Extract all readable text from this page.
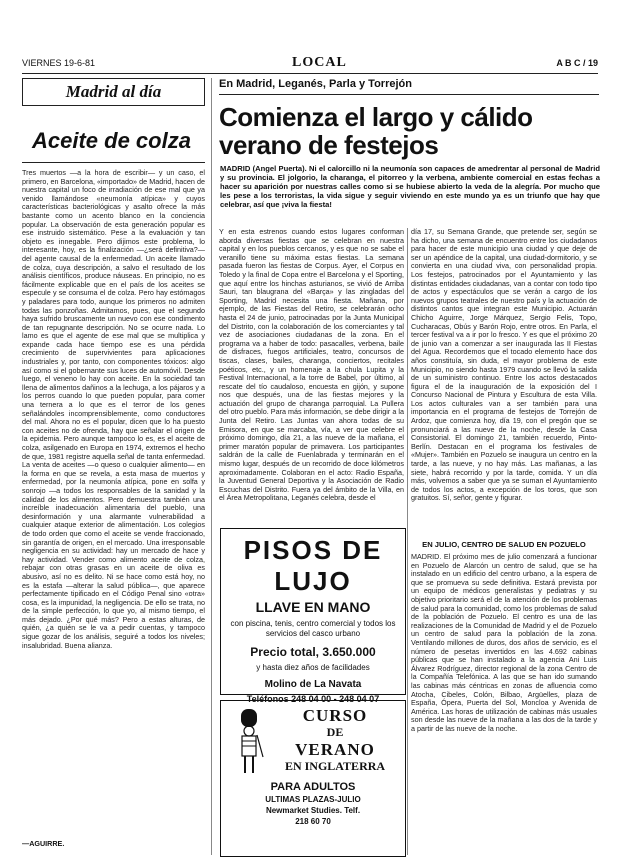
VIERNES 19-6-81	LOCAL	A B C / 19
Madrid al día
Aceite de colza
Tres muertos —a la hora de escribir— y un caso, el primero, en Barcelona, «importado» de Madrid, hacen de nuestra capital un foco de irradiación de ese mal que ya venido llamándose «neumonía atípica» y cuyos características bacteriológicas y asalto ofrece la más bastante como un acento blanco en la conciencia popular. La observación de esta generación popular es ese instruido sistemático. Pese a la evaluación y tan objeto es innegable. Pero dijimos este problema, lo interesante, hoy, es la finalización —¿será definitiva?— del agente causal de la enfermedad. Un aceite llamado de colza, cuya descripción, a salvo el resultado de los análisis científicos, produce náuseas. En principio, no es fácilmente explicable que en el país de los aceites se especule y se consuma el de colza. Pero hay estómagos y paladares para todo, aunque los primeros no admiten todas las ponzoñas. Admitamos, pues, que el segundo haya sufrido bruscamente un nuevo con ese condimento de tan repugnante descripción. No se ocurre nada. Lo lamo es que el agente de ese mal que se multiplica y expande cada hace tiempo ese es una pérdida crecimiento de supervivientes para aplicaciones industriales y, por tanto, con componentes tóxicos: algo así como si el gobernante sus luces de automóvil. Desde luego, el veneno lo hay con aceite. En la sociedad tan llena de alimentos dañinos a la lechuga, a los pájaros y a los perros cuando lo que pueden popular, para comer una ternera a lo que es el terror de los genes señalándoles incomprensiblemente, como conductores del mal. Ahora no es el popular, dicen que lo ha puesto con aceites no de ofrenda, hay que señalar el origen de la epidemia. Pero aunque tampoco lo es, es el aceite de colza, asilgenado en Europa en 1974, extremos el hecho de que, 1981 registre aquella señal de tanta enfermedad. La venta de aceites —o queso o cualquier alimento— en la forma en que se revela, a esta masa de muertos y enfermedad, por la neumonía atípica, pone en solfa y sonrojo —a todos los responsables de la sanidad y la calidad de los alimentos. Pero demuestra también una increíble inadecuación alimentaria del pueblo, una desinformación y una alarmante vulnerabilidad a cualquier ataque exterior de alimentación. Los colegios de todo orden que como el aceite se vende fraccionado, sin garantía de origen, en el mercado. Una irresponsable negligencia en su actividad: hay un mercado de hace y hay actividad. Vender como alimento aceite de colza, rebajar con otras grasas en un aceite de oliva es abusivo, así no es delito. Ni se hace como está hoy, no es la estafa —alterar la salud pública—, que aparece perfectamente tipificado en el Código Penal sino «otra» cosa, es la impunidad, la negligencia. De ello se trata, no de la simple perfección, lo que yo, al mismo tiempo, el más dejado. ¿Por qué más? Pero a estas alturas, de quién, ¿a quién se le va a pedir cuentas, y tampoco sigue gozar de los análisis, seguiré a todos los niveles; insalubridad. Buena alianza.
—AGUIRRE.
En Madrid, Leganés, Parla y Torrejón
Comienza el largo y cálido verano de festejos
MADRID (Angel Puerta). Ni el calorcillo ni la neumonía son capaces de amedrentar al personal de Madrid y su provincia. El jolgorio, la charanga, el pitorreo y la verbena, ambiente comercial en estas fechas a hacer su aparición por nuestras calles como si se hubiese abierto la veda de la alegría. Por mucho que les pese a los terroristas, la vida sigue y seguir viviendo en este mundo ya es un triunfo que hay que celebrar, así que ¡viva la fiesta!
Y en esta estrenos cuando estos lugares conforman aborda diversas fiestas que se celebran en nuestra capital y en los pueblos cercanos, y es que no se sabe el veranillo tiene su máxima estas fiestas. La semana pasada fueron las fiestas de Corpus. Ayer, el Corpus en Toledo y la final de Copa entre el Barcelona y el Sporting, que aquí entre los hinchas asturianos, se vivió de Arriba Sauri, tan blaugrana del «Barça» y las zingladas del Sporting, Madrid necesita una fiesta. Mañana, por ejemplo, de las Fiestas del Retiro, se celebrarán ocho hasta el 24 de junio, patrocinadas por la Junta Municipal del Distrito, con la colaboración de los comerciantes y tal vez de asociaciones ciudadanas de la zona. En el programa va a haber de todo: pasacalles, verbena, baile de disfraces, fuegos artificiales, teatro, concursos de tiscas, clases, bailes, charanga, conciertos, recitales poéticos, etc., y un homenaje a la chula Lupita y la Festival Internacional, a la torre de Babel, por último, al rescate del tío caudaloso, encuesta en gijón, y supone nos que después, una de las fiestas mejores y la actuación del grupo de charanga parroquial. La Pullera del otro pueblo. Para más información, se debe dirigir a la Junta del Retiro. Las Juntas van ahora todas de su Emisora, en que se marcaba, vía, a ver que celebre el próximo domingo, día 21, a las nueve de la mañana, el primer maratón popular de primavera. Los participantes saldrán de la calle de Fuenlabrada y terminarán en el mismo lugar, después de un recorrido de doce kilómetros aproximadamente. Colaboran en el acto: Radio España, la Juventud General Deportiva y la Asociación de Radio Escuchas del Distrito. Fuera ya del ámbito de la Villa, en el Área Metropolitana, Leganés celebra, desde el
día 17, su Semana Grande, que pretende ser, según se ha dicho, una semana de encuentro entre los ciudadanos para hacer de este municipio una ciudad y que deje de ser un apéndice de la capital, una ciudad-dormitorio, y se convierta en una ciudad viva, con personalidad propia. Los festejos, patrocinados por el Ayuntamiento y las distintas entidades ciudadanas, van a contar con todo tipo de actos y espectáculos que se verán a cargo de los nuevos grupos teatrales de nuestro país y la actuación de distintos cantos que integran este Municipio. Actuarán Chicho Aguirre, Jorge Márquez, Sergio Felis, Topo, Cucharacas, Obús y Barón Rojo, entre otros. En Parla, el tercer festival va a ir por lo fresco. Y es que el próximo 20 de junio van a comenzar a ser inaugurada las II Fiestas del Agua. Recordemos que el tocado elemento hace dos años constituía, sin duda, el mayor problema de este Municipio, no siendo hasta 1979 cuando se llevó la salida de un suministro continuo. Entre los actos destacados figura el de la inauguración de la exposición del I Concurso Nacional de Pintura y Escultura de esta Villa. Los actos culturales van a ser también para una importancia en el programa de festejos de Torrejón de Ardoz, que comienza hoy, día 19, con el pregón que se pronunciará a las nueve de la noche, desde la Casa Consistorial. El domingo 21, también recuerdo, Pinto-Berlín. Destacan en el programa los festivales de «Mujer». También en Pozuelo se inaugura un centro en la tarde, a las nueve, y no hay más. Las mañanas, a las siete, habrá recorrido y por la tarde, comida. Y un día más, volvemos a saber que ya se suman el Ayuntamiento de todos los actos, a excepción de los toros, que son gratuitos. Sí, señor, gente y figurar.
PISOS DE LUJO
LLAVE EN MANO
con piscina, tenis, centro comercial y todos los servicios del casco urbano
Precio total, 3.650.000
y hasta diez años de facilidades
Molino de La Navata
Teléfonos 248 04 00 - 248 04 07
CURSO
DE
VERANO
EN INGLATERRA
PARA ADULTOS
ULTIMAS PLAZAS-JULIO
Newmarket Studies. Telf.
218 60 70
EN JULIO, CENTRO DE SALUD EN POZUELO
MADRID. El próximo mes de julio comenzará a funcionar en Pozuelo de Alarcón un centro de salud, que se ha instalado en un edificio del centro urbano, a la espera de que se promueva su sede definitiva. Estará prevista por un equipo de médicos generalistas y pediatras y su objetivo prioritario será el de la atención de los problemas de salud para la comunidad, como los problemas de salud de la población de Pozuelo. El centro es una de las realizaciones de la Comunidad de Madrid y el de Pozuelo un centro de salud para la población de la zona. Ventilando millones de duros, dos años de servicio, es el número de pesetas invertidos en las 4.692 cabinas públicas que se han instalado a la agencia Ani Luis Álvarez Rodríguez, director regional de la zona Centro de la Compañía Telefónica. A las que se han ido sumando las cabinas más céntricas en zonas de afluencia como Atocha, Cibeles, Colón, Bilbao, Argüelles, plaza de España, Ópera, Puerta del Sol, Moncloa y Avenida de América. Las horas de utilización de cabinas más usuales son desde las nueve de la mañana a las dos de la tarde y a partir de las nueve de la noche.
